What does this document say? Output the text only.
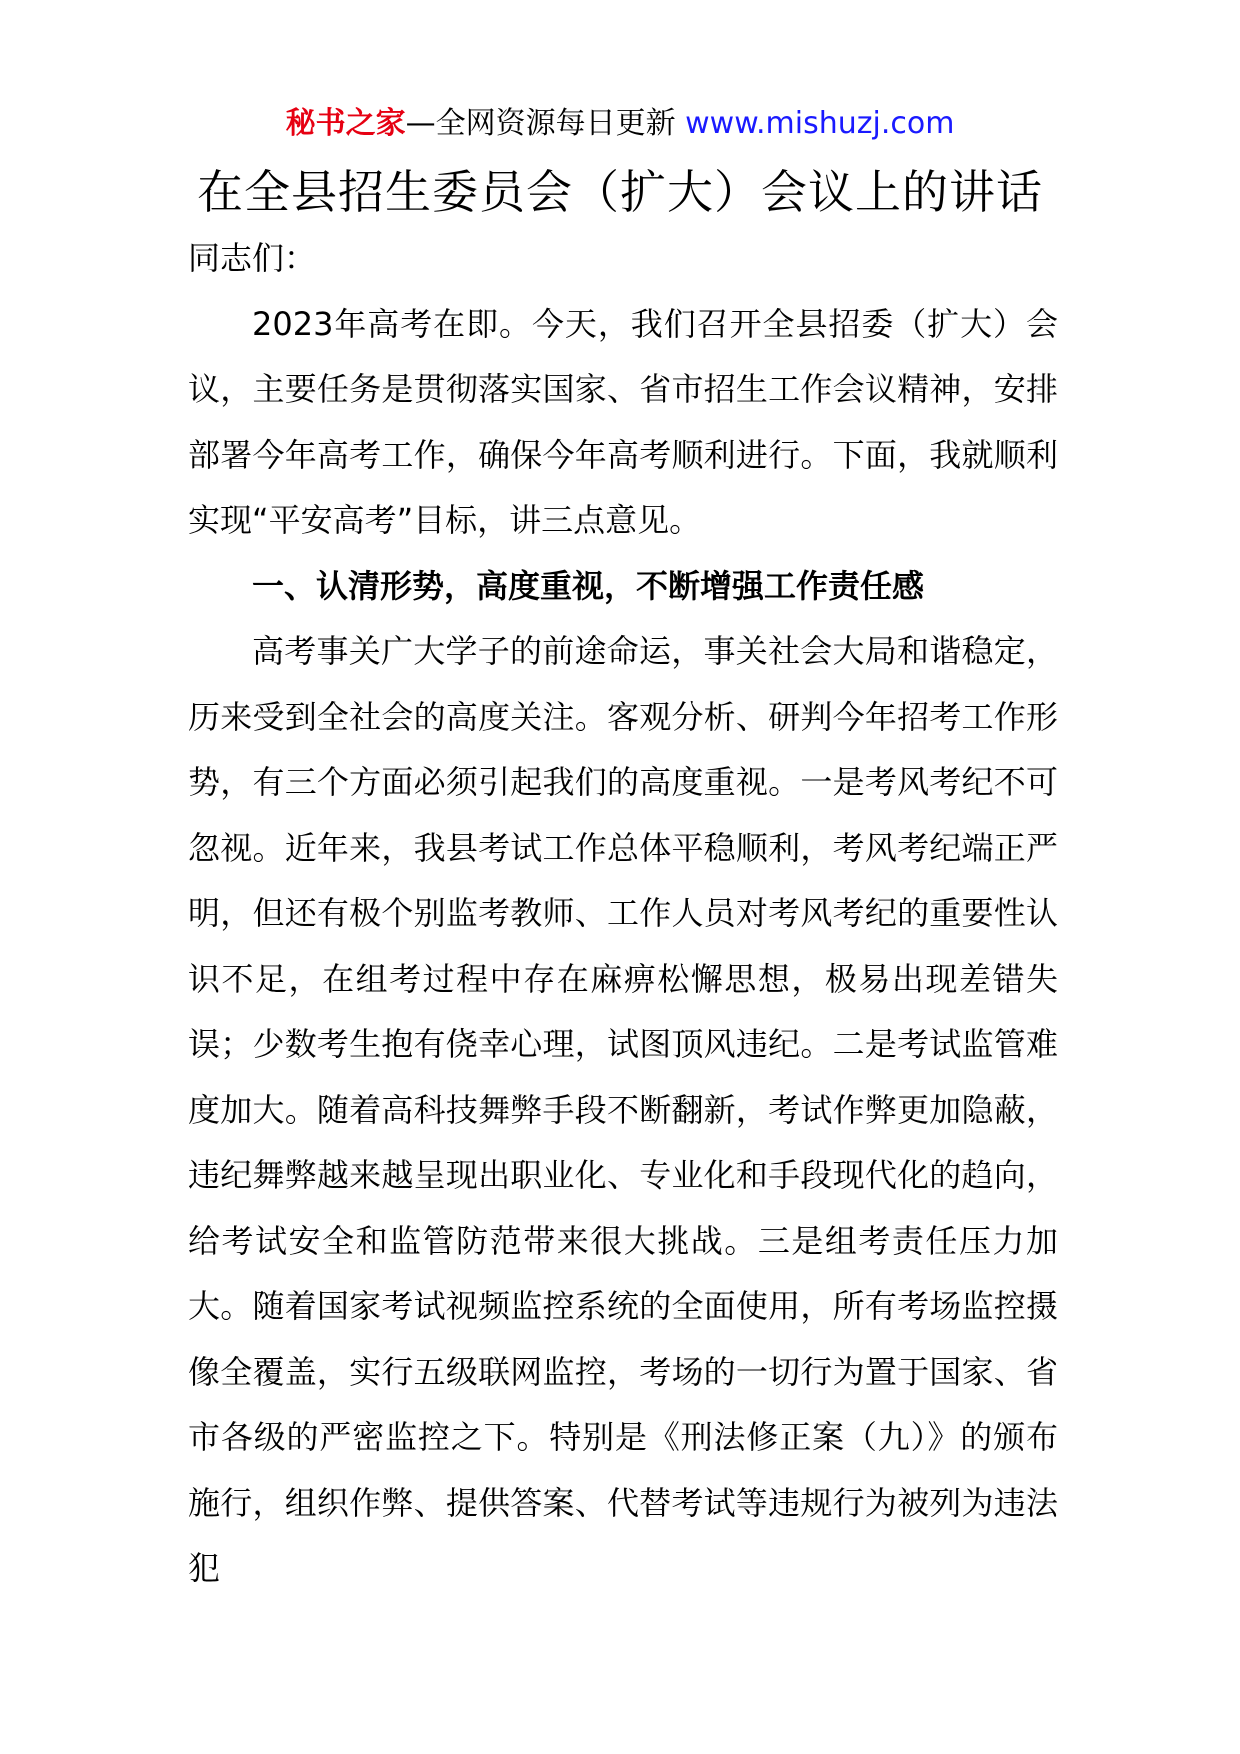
秘书之家—全网资源每日更新 www.mishuzj.com
在全县招生委员会（扩大）会议上的讲话

同志们：

2023年高考在即。今天，我们召开全县招委（扩大）会议，主要任务是贯彻落实国家、省市招生工作会议精神，安排部署今年高考工作，确保今年高考顺利进行。下面，我就顺利实现“平安高考”目标，讲三点意见。

一、认清形势，高度重视，不断增强工作责任感

高考事关广大学子的前途命运，事关社会大局和谐稳定，历来受到全社会的高度关注。客观分析、研判今年招考工作形势，有三个方面必须引起我们的高度重视。一是考风考纪不可忽视。近年来，我县考试工作总体平稳顺利，考风考纪端正严明，但还有极个别监考教师、工作人员对考风考纪的重要性认识不足，在组考过程中存在麻痹松懈思想，极易出现差错失误；少数考生抱有侥幸心理，试图顶风违纪。二是考试监管难度加大。随着高科技舞弊手段不断翻新，考试作弊更加隐蔽，违纪舞弊越来越呈现出职业化、专业化和手段现代化的趋向，给考试安全和监管防范带来很大挑战。三是组考责任压力加大。随着国家考试视频监控系统的全面使用，所有考场监控摄像全覆盖，实行五级联网监控，考场的一切行为置于国家、省市各级的严密监控之下。特别是《刑法修正案（九）》的颁布施行，组织作弊、提供答案、代替考试等违规行为被列为违法犯
